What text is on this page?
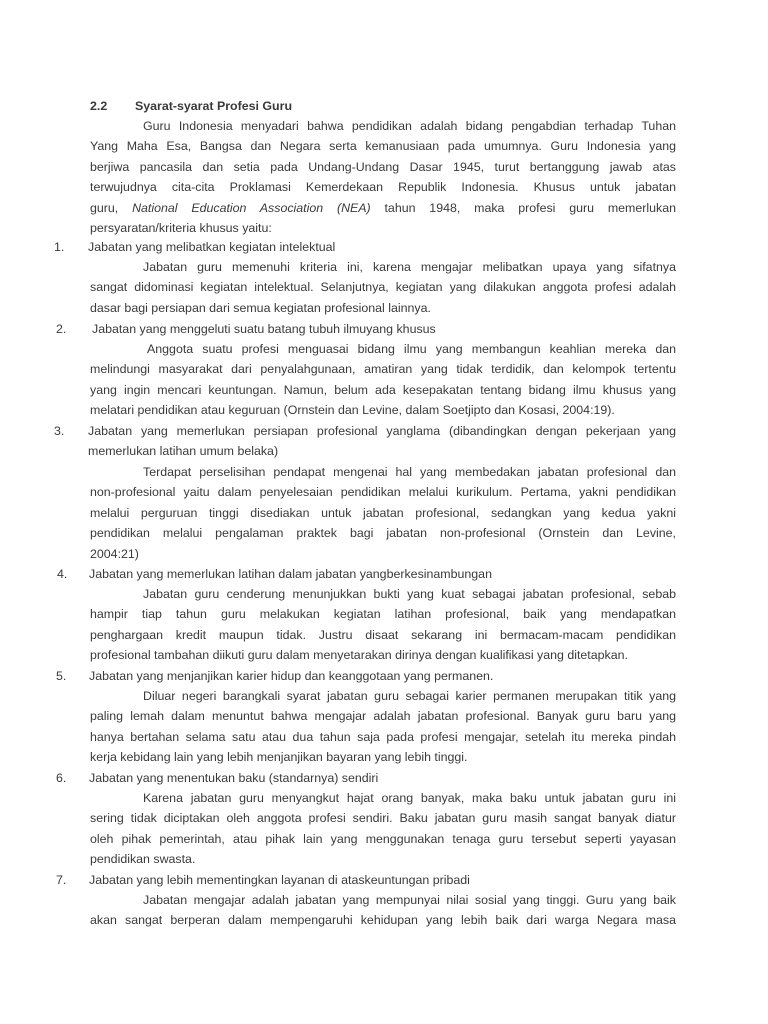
2.2 Syarat-syarat Profesi Guru
Guru Indonesia menyadari bahwa pendidikan adalah bidang pengabdian terhadap Tuhan
Yang Maha Esa, Bangsa dan Negara serta kemanusiaan pada umumnya. Guru Indonesia yang
berjiwa pancasila dan setia pada Undang-Undang Dasar 1945, turut bertanggung jawab atas
terwujudnya cita-cita Proklamasi Kemerdekaan Republik Indonesia. Khusus untuk jabatan
guru, National Education Association (NEA) tahun 1948, maka profesi guru memerlukan
persyaratan/kriteria khusus yaitu:
1. Jabatan yang melibatkan kegiatan intelektual
Jabatan guru memenuhi kriteria ini, karena mengajar melibatkan upaya yang sifatnya
sangat didominasi kegiatan intelektual. Selanjutnya, kegiatan yang dilakukan anggota profesi adalah
dasar bagi persiapan dari semua kegiatan profesional lainnya.
2. Jabatan yang menggeluti suatu batang tubuh ilmuyang khusus
Anggota suatu profesi menguasai bidang ilmu yang membangun keahlian mereka dan
melindungi masyarakat dari penyalahgunaan, amatiran yang tidak terdidik, dan kelompok tertentu
yang ingin mencari keuntungan. Namun, belum ada kesepakatan tentang bidang ilmu khusus yang
melatari pendidikan atau keguruan (Ornstein dan Levine, dalam Soetjipto dan Kosasi, 2004:19).
3. Jabatan yang memerlukan persiapan profesional yanglama (dibandingkan dengan pekerjaan yang
memerlukan latihan umum belaka)
Terdapat perselisihan pendapat mengenai hal yang membedakan jabatan profesional dan
non-profesional yaitu dalam penyelesaian pendidikan melalui kurikulum. Pertama, yakni pendidikan
melalui perguruan tinggi disediakan untuk jabatan profesional, sedangkan yang kedua yakni
pendidikan melalui pengalaman praktek bagi jabatan non-profesional (Ornstein dan Levine,
2004:21)
4. Jabatan yang memerlukan latihan dalam jabatan yangberkesinambungan
Jabatan guru cenderung menunjukkan bukti yang kuat sebagai jabatan profesional, sebab
hampir tiap tahun guru melakukan kegiatan latihan profesional, baik yang mendapatkan
penghargaan kredit maupun tidak. Justru disaat sekarang ini bermacam-macam pendidikan
profesional tambahan diikuti guru dalam menyetarakan dirinya dengan kualifikasi yang ditetapkan.
5. Jabatan yang menjanjikan karier hidup dan keanggotaan yang permanen.
Diluar negeri barangkali syarat jabatan guru sebagai karier permanen merupakan titik yang
paling lemah dalam menuntut bahwa mengajar adalah jabatan profesional. Banyak guru baru yang
hanya bertahan selama satu atau dua tahun saja pada profesi mengajar, setelah itu mereka pindah
kerja kebidang lain yang lebih menjanjikan bayaran yang lebih tinggi.
6. Jabatan yang menentukan baku (standarnya) sendiri
Karena jabatan guru menyangkut hajat orang banyak, maka baku untuk jabatan guru ini
sering tidak diciptakan oleh anggota profesi sendiri. Baku jabatan guru masih sangat banyak diatur
oleh pihak pemerintah, atau pihak lain yang menggunakan tenaga guru tersebut seperti yayasan
pendidikan swasta.
7. Jabatan yang lebih mementingkan layanan di ataskeuntungan pribadi
Jabatan mengajar adalah jabatan yang mempunyai nilai sosial yang tinggi. Guru yang baik
akan sangat berperan dalam mempengaruhi kehidupan yang lebih baik dari warga Negara masa
